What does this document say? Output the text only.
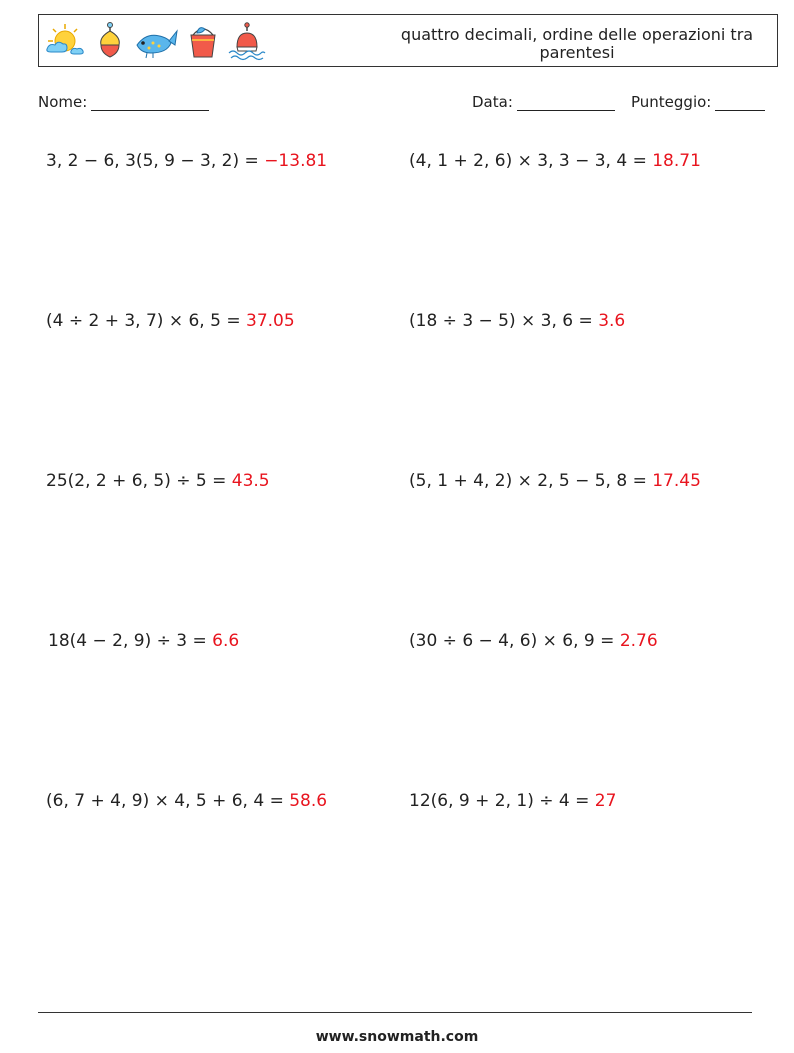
quattro decimali, ordine delle operazioni tra parentesi
Nome:	Data:	Punteggio:
3, 2 − 6, 3(5, 9 − 3, 2) = −13.81	(4, 1 + 2, 6) × 3, 3 − 3, 4 = 18.71
(4 ÷ 2 + 3, 7) × 6, 5 = 37.05	(18 ÷ 3 − 5) × 3, 6 = 3.6
25(2, 2 + 6, 5) ÷ 5 = 43.5	(5, 1 + 4, 2) × 2, 5 − 5, 8 = 17.45
18(4 − 2, 9) ÷ 3 = 6.6	(30 ÷ 6 − 4, 6) × 6, 9 = 2.76
(6, 7 + 4, 9) × 4, 5 + 6, 4 = 58.6	12(6, 9 + 2, 1) ÷ 4 = 27
www.snowmath.com
